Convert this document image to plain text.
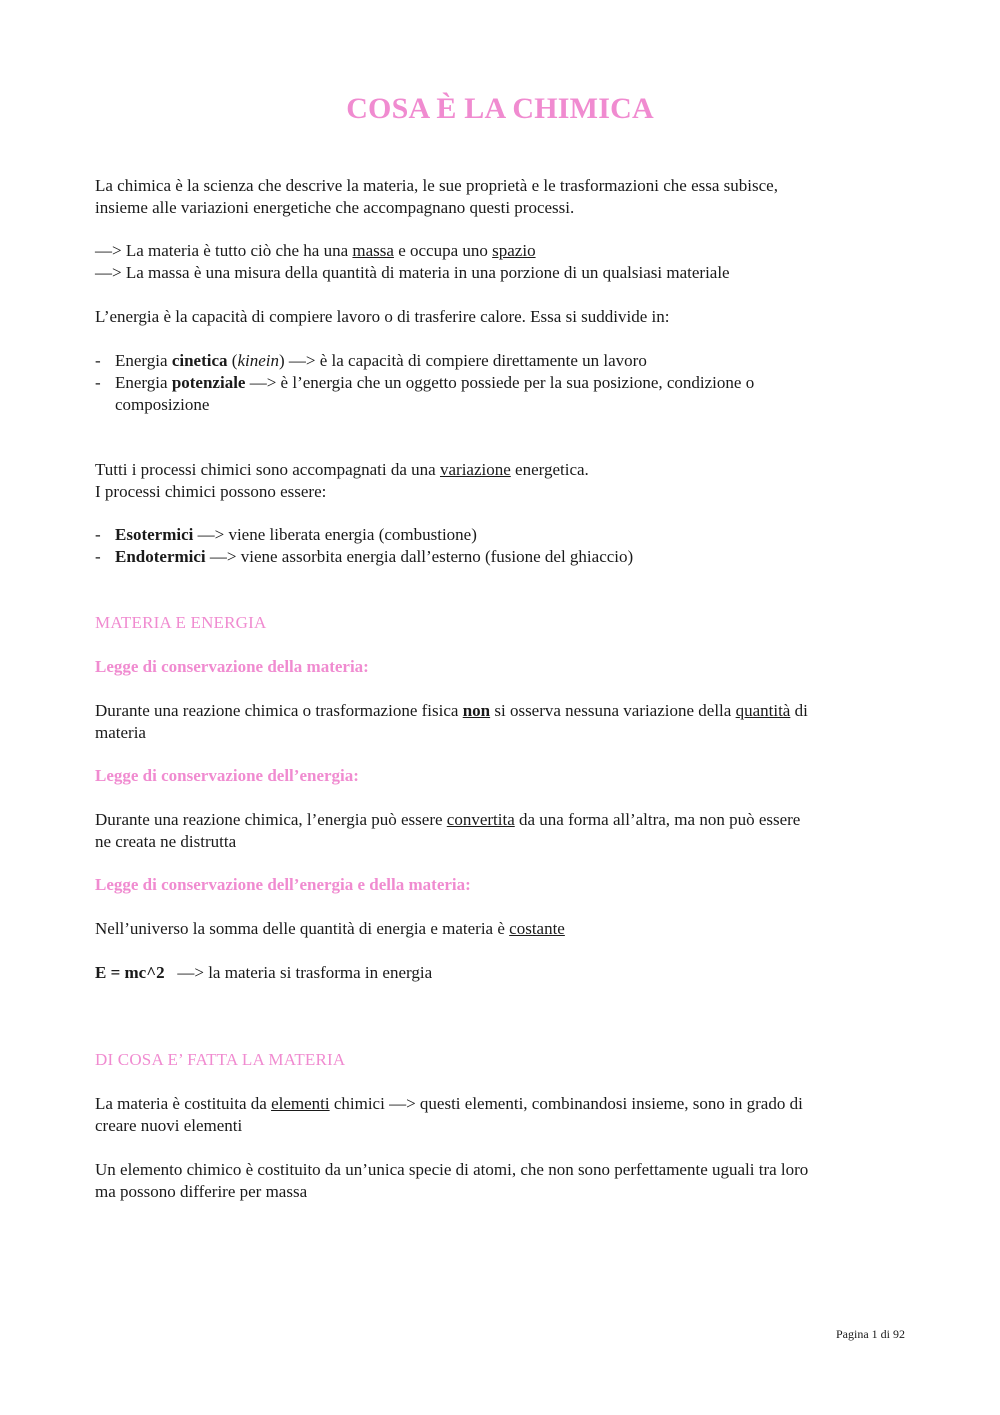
COSA È LA CHIMICA
La chimica è la scienza che descrive la materia, le sue proprietà e le trasformazioni che essa subisce,
insieme alle variazioni energetiche che accompagnano questi processi.
—> La materia è tutto ciò che ha una massa e occupa uno spazio
—> La massa è una misura della quantità di materia in una porzione di un qualsiasi materiale
L’energia è la capacità di compiere lavoro o di trasferire calore. Essa si suddivide in:
- Energia cinetica (kinein) —> è la capacità di compiere direttamente un lavoro
- Energia potenziale —> è l’energia che un oggetto possiede per la sua posizione, condizione o
composizione
Tutti i processi chimici sono accompagnati da una variazione energetica.
I processi chimici possono essere:
- Esotermici —> viene liberata energia (combustione)
- Endotermici —> viene assorbita energia dall’esterno (fusione del ghiaccio)
MATERIA E ENERGIA
Legge di conservazione della materia:
Durante una reazione chimica o trasformazione fisica non si osserva nessuna variazione della quantità di
materia
Legge di conservazione dell’energia:
Durante una reazione chimica, l’energia può essere convertita da una forma all’altra, ma non può essere
ne creata ne distrutta
Legge di conservazione dell’energia e della materia:
Nell’universo la somma delle quantità di energia e materia è costante
E = mc^2   —> la materia si trasforma in energia
DI COSA E’ FATTA LA MATERIA
La materia è costituita da elementi chimici —> questi elementi, combinandosi insieme, sono in grado di
creare nuovi elementi
Un elemento chimico è costituito da un’unica specie di atomi, che non sono perfettamente uguali tra loro
ma possono differire per massa
Pagina 1 di 92
